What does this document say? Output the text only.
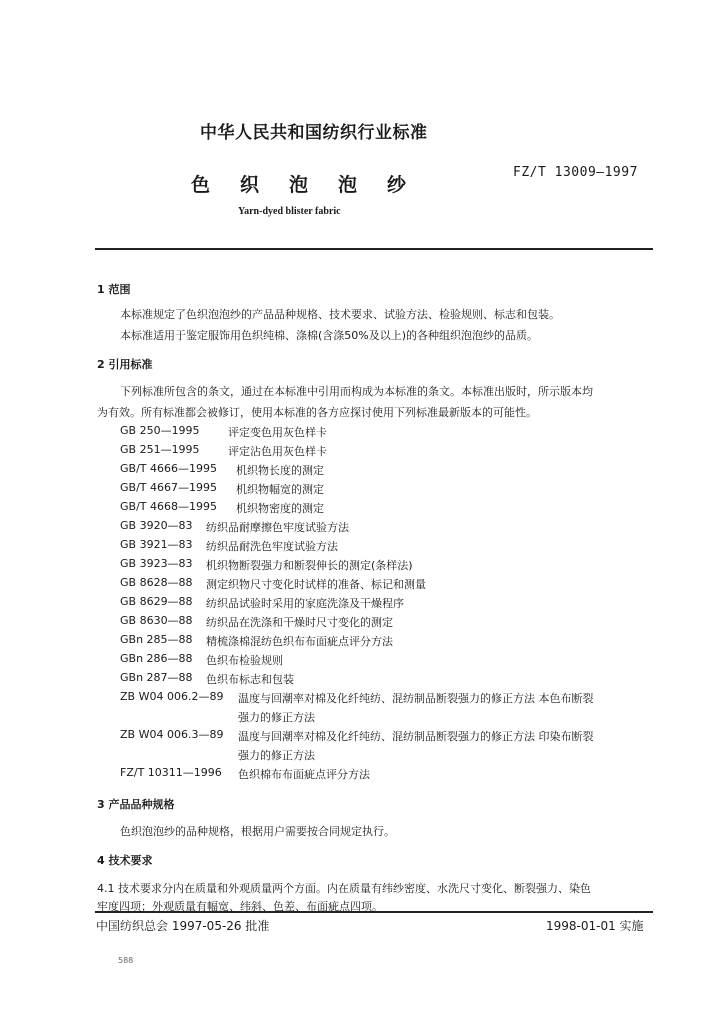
中华人民共和国纺织行业标准
色织泡泡纱
FZ/T 13009—1997
Yarn-dyed blister fabric
1 范围
本标准规定了色织泡泡纱的产品品种规格、技术要求、试验方法、检验规则、标志和包装。
本标准适用于鉴定服饰用色织纯棉、涤棉(含涤50%及以上)的各种组织泡泡纱的品质。
2 引用标准
下列标准所包含的条文，通过在本标准中引用而构成为本标准的条文。本标准出版时，所示版本均
为有效。所有标准都会被修订，使用本标准的各方应探讨使用下列标准最新版本的可能性。
GB 250—1995	评定变色用灰色样卡
GB 251—1995	评定沾色用灰色样卡
GB/T 4666—1995 机织物长度的测定
GB/T 4667—1995 机织物幅宽的测定
GB/T 4668—1995 机织物密度的测定
GB 3920—83 纺织品耐摩擦色牢度试验方法
GB 3921—83 纺织品耐洗色牢度试验方法
GB 3923—83 机织物断裂强力和断裂伸长的测定(条样法)
GB 8628—88 测定织物尺寸变化时试样的准备、标记和测量
GB 8629—88 纺织品试验时采用的家庭洗涤及干燥程序
GB 8630—88 纺织品在洗涤和干燥时尺寸变化的测定
GBn 285—88 精梳涤棉混纺色织布布面疵点评分方法
GBn 286—88 色织布检验规则
GBn 287—88 色织布标志和包装
ZB W04 006.2—89 温度与回潮率对棉及化纤纯纺、混纺制品断裂强力的修正方法 本色布断裂
强力的修正方法
ZB W04 006.3—89 温度与回潮率对棉及化纤纯纺、混纺制品断裂强力的修正方法 印染布断裂
强力的修正方法
FZ/T 10311—1996 色织棉布布面疵点评分方法
3 产品品种规格
色织泡泡纱的品种规格，根据用户需要按合同规定执行。
4 技术要求
4.1 技术要求分内在质量和外观质量两个方面。内在质量有纬纱密度、水洗尺寸变化、断裂强力、染色
牢度四项；外观质量有幅宽、纬斜、色差、布面疵点四项。
中国纺织总会 1997-05-26 批准	1998-01-01 实施
588
